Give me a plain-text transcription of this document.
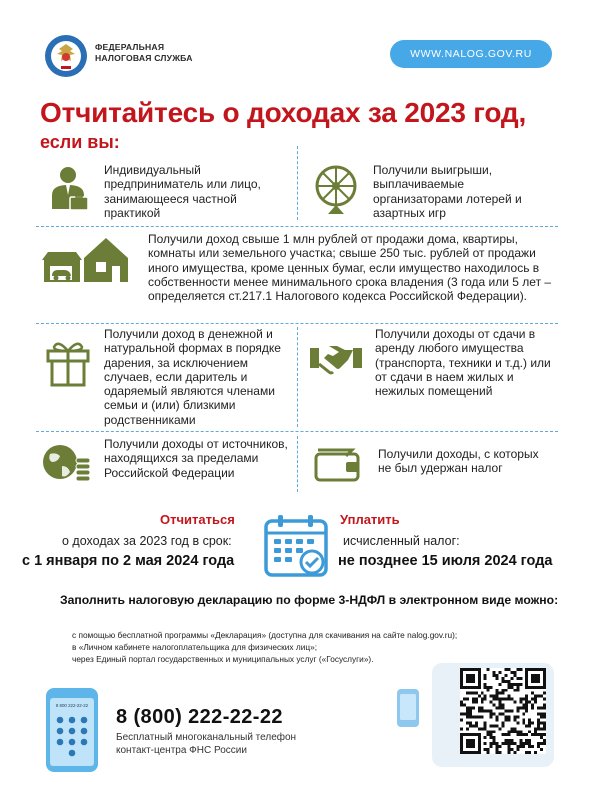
ФЕДЕРАЛЬНАЯ
НАЛОГОВАЯ СЛУЖБА	WWW.NALOG.GOV.RU
Отчитайтесь о доходах за 2023 год,
если вы:
Индивидуальный предприниматель или лицо, занимающееся частной практикой
Получили выигрыши, выплачиваемые организаторами лотерей и азартных игр
Получили доход свыше 1 млн рублей от продажи дома, квартиры, комнаты или земельного участка; свыше 250 тыс. рублей от продажи иного имущества, кроме ценных бумаг, если имущество находилось в собственности менее минимального срока владения (3 года или 5 лет – определяется ст.217.1 Налогового кодекса Российской Федерации).
Получили доход в денежной и натуральной формах в порядке дарения, за исключением случаев, если даритель и одаряемый являются членами семьи и (или) близкими родственниками
Получили доходы от сдачи в аренду любого имущества (транспорта, техники и т.д.) или от сдачи в наем жилых и нежилых помещений
Получили доходы от источников, находящихся за пределами Российской Федерации
Получили доходы, с которых не был удержан налог
Отчитаться
о доходах за 2023 год в срок:
с 1 января по 2 мая 2024 года
Уплатить
исчисленный налог:
не позднее 15 июля 2024 года
Заполнить налоговую декларацию по форме 3-НДФЛ в электронном виде можно:
с помощью бесплатной программы «Декларация» (доступна для скачивания на сайте nalog.gov.ru);
в «Личном кабинете налогоплательщика для физических лиц»;
через Единый портал государственных и муниципальных услуг («Госуслуги»).
8 800 222-22-22
8 (800) 222-22-22
Бесплатный многоканальный телефон
контакт-центра ФНС России
